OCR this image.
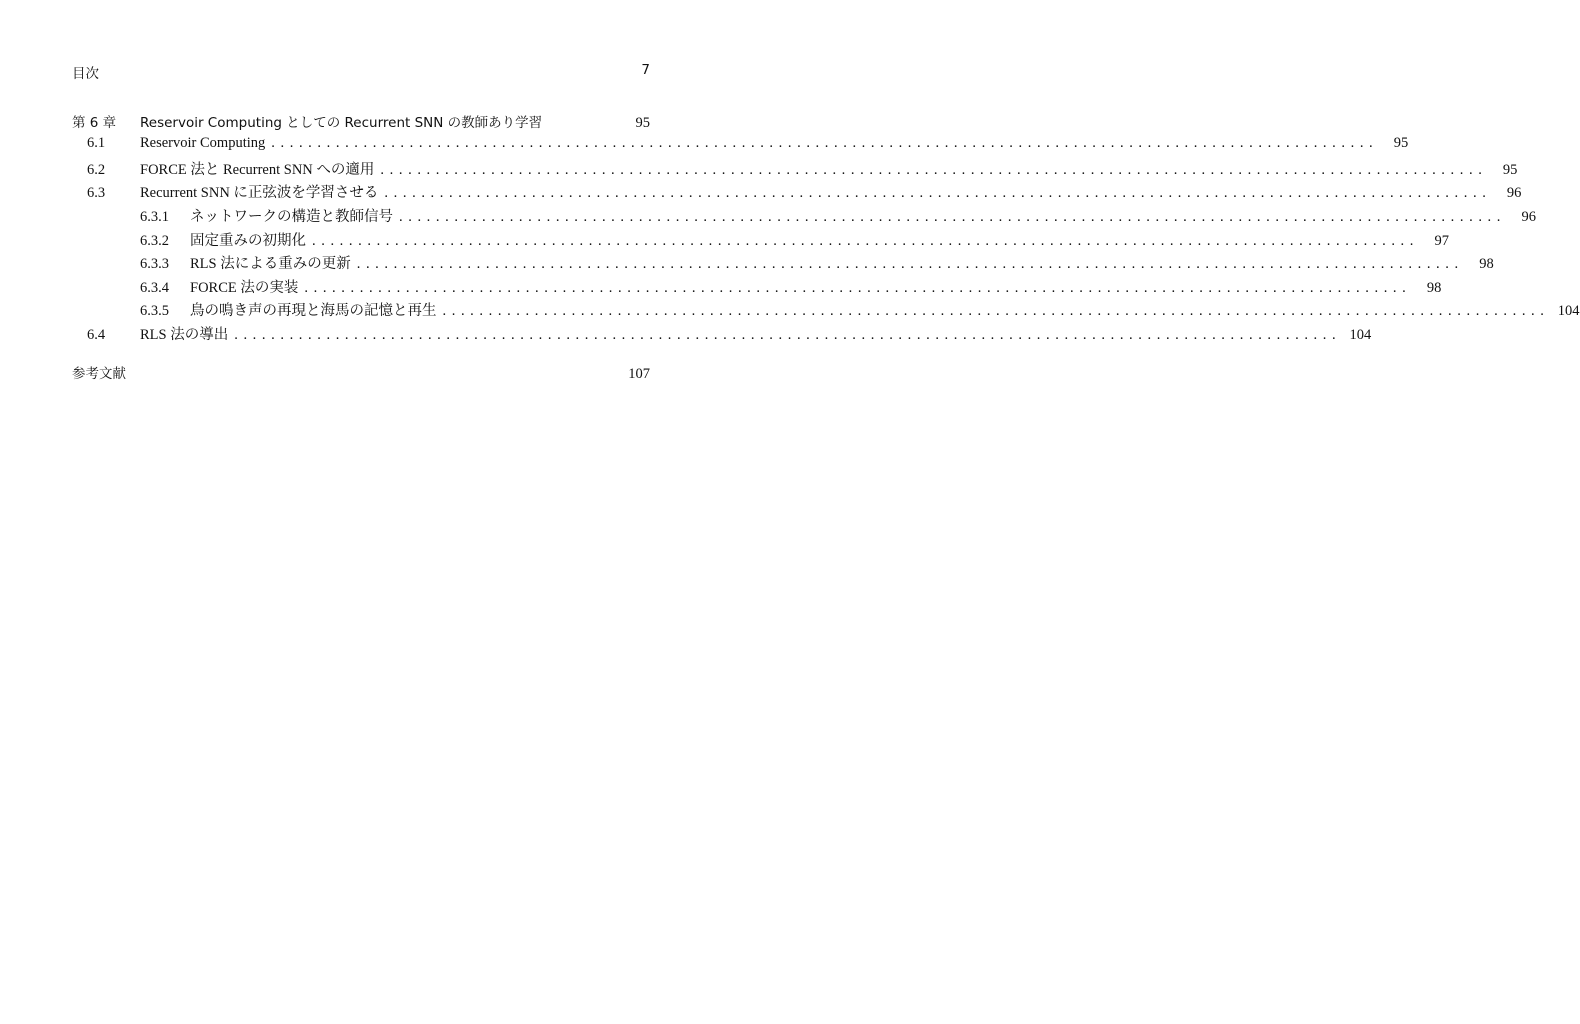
目次	7
第 6 章	Reservoir Computing としての Recurrent SNN の教師あり学習	95
6.1	Reservoir Computing ........................................................................................................................	95
6.2	FORCE 法と Recurrent SNN への適用 ........................................................................................................................	95
6.3	Recurrent SNN に正弦波を学習させる ........................................................................................................................	96
6.3.1	ネットワークの構造と教師信号 ........................................................................................................................	96
6.3.2	固定重みの初期化 ........................................................................................................................	97
6.3.3	RLS 法による重みの更新 ........................................................................................................................	98
6.3.4	FORCE 法の実装 ........................................................................................................................	98
6.3.5	鳥の鳴き声の再現と海馬の記憶と再生 ........................................................................................................................ 104
6.4	RLS 法の導出 ........................................................................................................................ 104
参考文献	107
